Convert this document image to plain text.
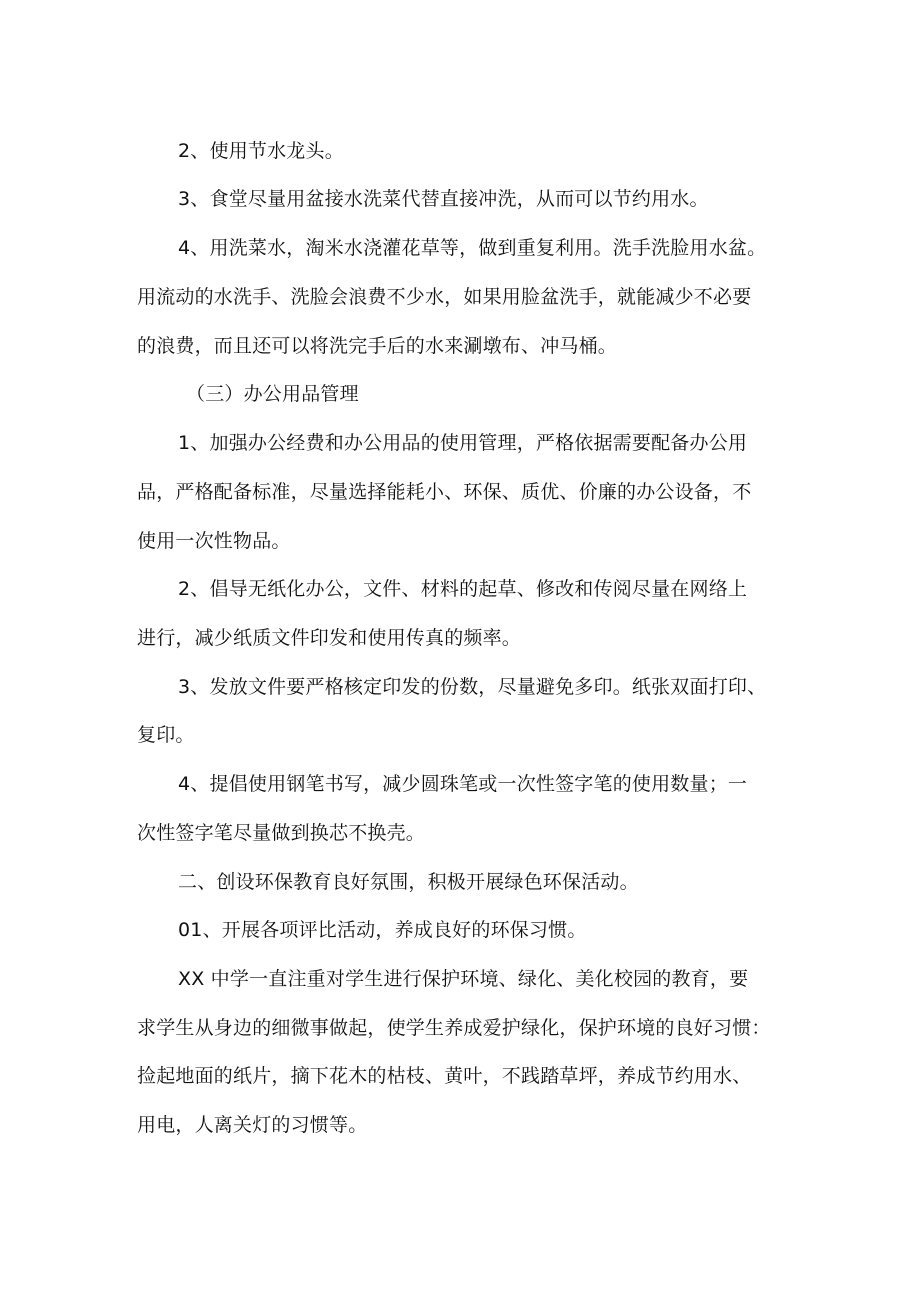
2、使用节水龙头。
3、食堂尽量用盆接水洗菜代替直接冲洗，从而可以节约用水。
4、用洗菜水，淘米水浇灌花草等，做到重复利用。洗手洗脸用水盆。
用流动的水洗手、洗脸会浪费不少水，如果用脸盆洗手，就能减少不必要
的浪费，而且还可以将洗完手后的水来涮墩布、冲马桶。
（三）办公用品管理
1、加强办公经费和办公用品的使用管理，严格依据需要配备办公用
品，严格配备标准，尽量选择能耗小、环保、质优、价廉的办公设备，不
使用一次性物品。
2、倡导无纸化办公，文件、材料的起草、修改和传阅尽量在网络上
进行，减少纸质文件印发和使用传真的频率。
3、发放文件要严格核定印发的份数，尽量避免多印。纸张双面打印、
复印。
4、提倡使用钢笔书写，减少圆珠笔或一次性签字笔的使用数量；一
次性签字笔尽量做到换芯不换壳。
二、创设环保教育良好氛围，积极开展绿色环保活动。
01、开展各项评比活动，养成良好的环保习惯。
XX 中学一直注重对学生进行保护环境、绿化、美化校园的教育，要
求学生从身边的细微事做起，使学生养成爱护绿化，保护环境的良好习惯：
捡起地面的纸片，摘下花木的枯枝、黄叶，不践踏草坪，养成节约用水、
用电，人离关灯的习惯等。
